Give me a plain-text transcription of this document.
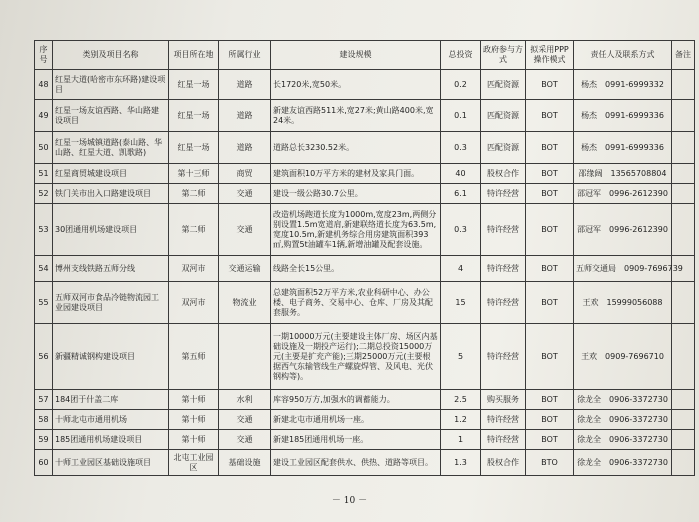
序号	类别及项目名称	项目所在地	所属行业	建设规模	总投资	政府参与方式	拟采用PPP操作模式	责任人及联系方式	备注
48	红星大道(哈密市东环路)建设项目	红星一场	道路	长1720米,宽50米。	0.2	匹配资源	BOT	杨杰　0991-6999332	
49	红星一场友谊西路、华山路建设项目	红星一场	道路	新建友谊西路511米,宽27米;黄山路400米,宽24米。	0.1	匹配资源	BOT	杨杰　0991-6999336	
50	红星一场城镇道路(泰山路、华山路、红星大道、凯歌路)	红星一场	道路	道路总长3230.52米。	0.3	匹配资源	BOT	杨杰　0991-6999336	
51	红星商贸城建设项目	第十三师	商贸	建筑面积10万平方米的建材及家具门面。	40	股权合作	BOT	邵缘阔　13565708804	
52	铁门关市出入口路建设项目	第二师	交通	建设一级公路30.7公里。	6.1	特许经营	BOT	邵冠军　0996-2612390	
53	30团通用机场建设项目	第二师	交通	改造机场跑道长度为1000m,宽度23m,两侧分别设置1.5m宽道肩,新建联络道长度为63.5m,宽度10.5m,新建机务综合用房建筑面积393㎡,购置5t油罐车1辆,新增油罐及配套设施。	0.3	特许经营	BOT	邵冠军　0996-2612390	
54	博州支线铁路五师分线	双河市	交通运输	线路全长15公里。	4	特许经营	BOT	五师交通局　0909-7696739	
55	五师双河市食品冷链物流园工业园建设项目	双河市	物流业	总建筑面积52万平方米,农业科研中心、办公楼、电子商务、交易中心、仓库、厂房及其配套服务。	15	特许经营	BOT	王欢　15999056088	
56	新疆精诚钢构建设项目	第五师		一期10000万元(主要建设主体厂房、场区内基础设施及一期投产运行);二期总投资15000万元(主要是扩充产能);三期25000万元(主要根据西气东输管线生产螺旋焊管、及风电、光伏钢构等)。	5	特许经营	BOT	王欢　0909-7696710	
57	184团于什盖二库	第十师	水利	库容950万方,加强水的调蓄能力。	2.5	购买服务	BOT	徐龙全　0906-3372730	
58	十师北屯市通用机场	第十师	交通	新建北屯市通用机场一座。	1.2	特许经营	BOT	徐龙全　0906-3372730	
59	185团通用机场建设项目	第十师	交通	新建185团通用机场一座。	1	特许经营	BOT	徐龙全　0906-3372730	
60	十师工业园区基础设施项目	北屯工业园区	基础设施	建设工业园区配套供水、供热、道路等项目。	1.3	股权合作	BTO	徐龙全　0906-3372730	
－ 10 －
